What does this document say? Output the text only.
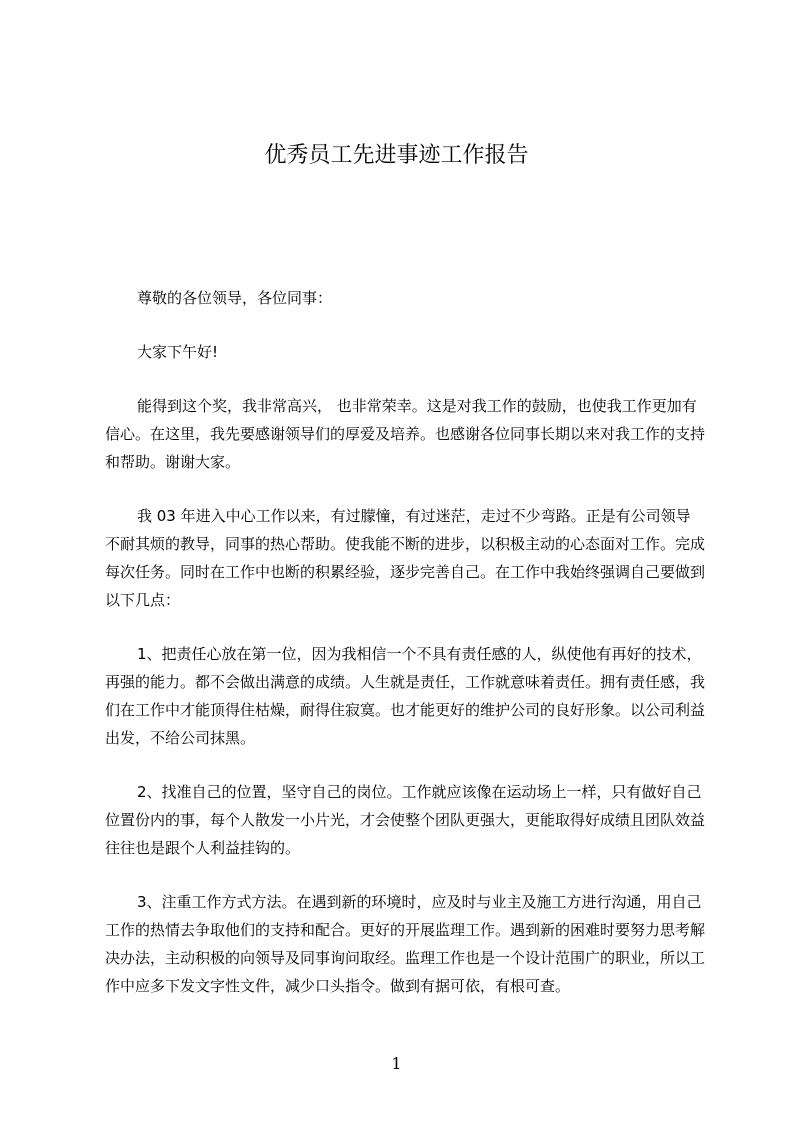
优秀员工先进事迹工作报告

尊敬的各位领导，各位同事：

大家下午好!

能得到这个奖，我非常高兴， 也非常荣幸。这是对我工作的鼓励，也使我工作更加有信心。在这里，我先要感谢领导们的厚爱及培养。也感谢各位同事长期以来对我工作的支持和帮助。谢谢大家。

我 03 年进入中心工作以来，有过朦憧，有过迷茫，走过不少弯路。正是有公司领导不耐其烦的教导，同事的热心帮助。使我能不断的进步，以积极主动的心态面对工作。完成每次任务。同时在工作中也断的积累经验，逐步完善自己。在工作中我始终强调自己要做到以下几点：

1、把责任心放在第一位，因为我相信一个不具有责任感的人，纵使他有再好的技术，再强的能力。都不会做出满意的成绩。人生就是责任，工作就意味着责任。拥有责任感，我们在工作中才能顶得住枯燥，耐得住寂寞。也才能更好的维护公司的良好形象。以公司利益出发，不给公司抹黑。

2、找准自己的位置，坚守自己的岗位。工作就应该像在运动场上一样，只有做好自己位置份内的事，每个人散发一小片光，才会使整个团队更强大，更能取得好成绩且团队效益往往也是跟个人利益挂钩的。

3、注重工作方式方法。在遇到新的环境时，应及时与业主及施工方进行沟通，用自己工作的热情去争取他们的支持和配合。更好的开展监理工作。遇到新的困难时要努力思考解决办法，主动积极的向领导及同事询问取经。监理工作也是一个设计范围广的职业，所以工作中应多下发文字性文件，减少口头指令。做到有据可依，有根可查。

1
